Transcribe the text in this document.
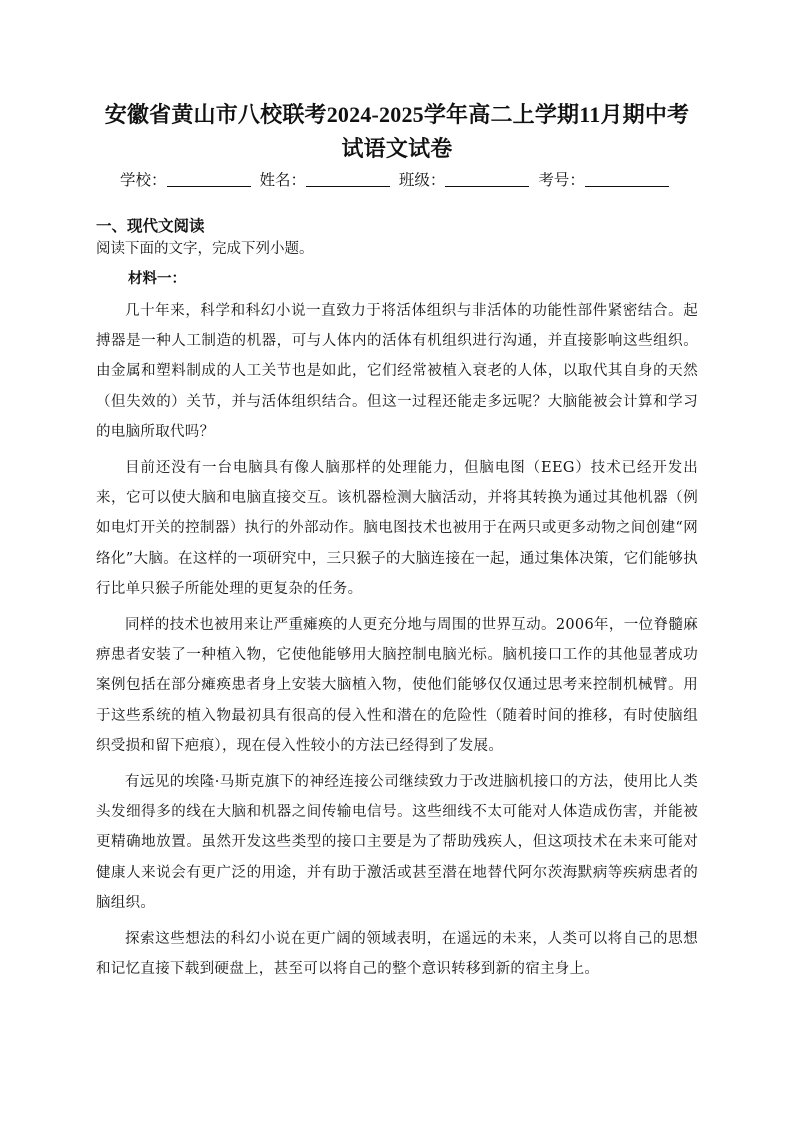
安徽省黄山市八校联考2024-2025学年高二上学期11月期中考试语文试卷
学校：	姓名：	班级：	考号：
一、现代文阅读
阅读下面的文字，完成下列小题。
材料一：

几十年来，科学和科幻小说一直致力于将活体组织与非活体的功能性部件紧密结合。起搏器是一种人工制造的机器，可与人体内的活体有机组织进行沟通，并直接影响这些组织。由金属和塑料制成的人工关节也是如此，它们经常被植入衰老的人体，以取代其自身的天然（但失效的）关节，并与活体组织结合。但这一过程还能走多远呢？大脑能被会计算和学习的电脑所取代吗？

目前还没有一台电脑具有像人脑那样的处理能力，但脑电图（EEG）技术已经开发出来，它可以使大脑和电脑直接交互。该机器检测大脑活动，并将其转换为通过其他机器（例如电灯开关的控制器）执行的外部动作。脑电图技术也被用于在两只或更多动物之间创建“网络化”大脑。在这样的一项研究中，三只猴子的大脑连接在一起，通过集体决策，它们能够执行比单只猴子所能处理的更复杂的任务。

同样的技术也被用来让严重瘫痪的人更充分地与周围的世界互动。2006年，一位脊髓麻痹患者安装了一种植入物，它使他能够用大脑控制电脑光标。脑机接口工作的其他显著成功案例包括在部分瘫痪患者身上安装大脑植入物，使他们能够仅仅通过思考来控制机械臂。用于这些系统的植入物最初具有很高的侵入性和潜在的危险性（随着时间的推移，有时使脑组织受损和留下疤痕），现在侵入性较小的方法已经得到了发展。

有远见的埃隆·马斯克旗下的神经连接公司继续致力于改进脑机接口的方法，使用比人类头发细得多的线在大脑和机器之间传输电信号。这些细线不太可能对人体造成伤害，并能被更精确地放置。虽然开发这些类型的接口主要是为了帮助残疾人，但这项技术在未来可能对健康人来说会有更广泛的用途，并有助于激活或甚至潜在地替代阿尔茨海默病等疾病患者的脑组织。

探索这些想法的科幻小说在更广阔的领域表明，在遥远的未来，人类可以将自己的思想和记忆直接下载到硬盘上，甚至可以将自己的整个意识转移到新的宿主身上。
